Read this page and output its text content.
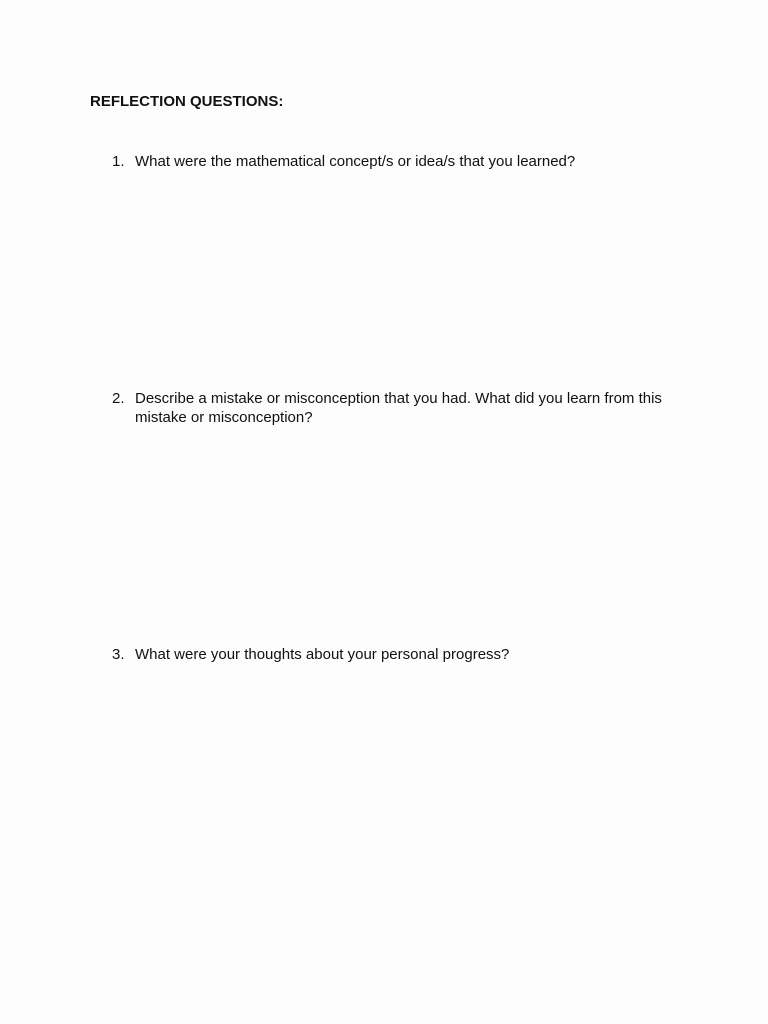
REFLECTION QUESTIONS:
1. What were the mathematical concept/s or idea/s that you learned?
2. Describe a mistake or misconception that you had. What did you learn from this mistake or misconception?
3. What were your thoughts about your personal progress?
